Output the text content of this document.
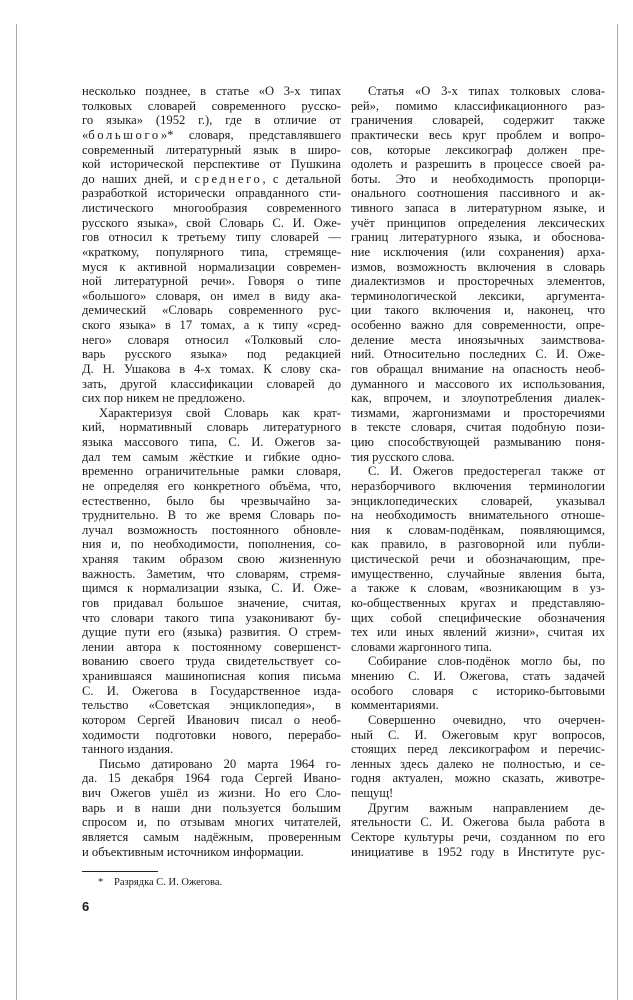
несколько позднее, в статье «О 3-х типах
толковых словарей современного русско-
го языка» (1952 г.), где в отличие от
«большого»* словаря, представлявшего
современный литературный язык в широ-
кой исторической перспективе от Пушкина
до наших дней, и среднего, с детальной
разработкой исторически оправданного сти-
листического многообразия современного
русского языка», свой Словарь С. И. Оже-
гов относил к третьему типу словарей —
«краткому, популярного типа, стремяще-
муся к активной нормализации современ-
ной литературной речи». Говоря о типе
«большого» словаря, он имел в виду ака-
демический «Словарь современного рус-
ского языка» в 17 томах, а к типу «сред-
него» словаря относил «Толковый сло-
варь русского языка» под редакцией
Д. Н. Ушакова в 4-х томах. К слову ска-
зать, другой классификации словарей до
сих пор никем не предложено.
Характеризуя свой Словарь как крат-
кий, нормативный словарь литературного
языка массового типа, С. И. Ожегов за-
дал тем самым жёсткие и гибкие одно-
временно ограничительные рамки словаря,
не определяя его конкретного объёма, что,
естественно, было бы чрезвычайно за-
труднительно. В то же время Словарь по-
лучал возможность постоянного обновле-
ния и, по необходимости, пополнения, со-
храняя таким образом свою жизненную
важность. Заметим, что словарям, стремя-
щимся к нормализации языка, С. И. Оже-
гов придавал большое значение, считая,
что словари такого типа узаконивают бу-
дущие пути его (языка) развития. О стрем-
лении автора к постоянному совершенст-
вованию своего труда свидетельствует со-
хранившаяся машинописная копия письма
С. И. Ожегова в Государственное изда-
тельство «Советская энциклопедия», в
котором Сергей Иванович писал о необ-
ходимости подготовки нового, перерабо-
танного издания.
Письмо датировано 20 марта 1964 го-
да. 15 декабря 1964 года Сергей Ивано-
вич Ожегов ушёл из жизни. Но его Сло-
варь и в наши дни пользуется большим
спросом и, по отзывам многих читателей,
является самым надёжным, проверенным
и объективным источником информации.
Статья «О 3-х типах толковых слова-
рей», помимо классификационного раз-
граничения словарей, содержит также
практически весь круг проблем и вопро-
сов, которые лексикограф должен пре-
одолеть и разрешить в процессе своей ра-
боты. Это и необходимость пропорци-
онального соотношения пассивного и ак-
тивного запаса в литературном языке, и
учёт принципов определения лексических
границ литературного языка, и обоснова-
ние исключения (или сохранения) арха-
измов, возможность включения в словарь
диалектизмов и просторечных элементов,
терминологической лексики, аргумента-
ции такого включения и, наконец, что
особенно важно для современности, опре-
деление места иноязычных заимствова-
ний. Относительно последних С. И. Оже-
гов обращал внимание на опасность необ-
думанного и массового их использования,
как, впрочем, и злоупотребления диалек-
тизмами, жаргонизмами и просторечиями
в тексте словаря, считая подобную пози-
цию способствующей размыванию поня-
тия русского слова.
С. И. Ожегов предостерегал также от
неразборчивого включения терминологии
энциклопедических словарей, указывал
на необходимость внимательного отноше-
ния к словам-подёнкам, появляющимся,
как правило, в разговорной или публи-
цистической речи и обозначающим, пре-
имущественно, случайные явления быта,
а также к словам, «возникающим в уз-
ко-общественных кругах и представляю-
щих собой специфические обозначения
тех или иных явлений жизни», считая их
словами жаргонного типа.
Собирание слов-подёнок могло бы, по
мнению С. И. Ожегова, стать задачей
особого словаря с историко-бытовыми
комментариями.
Совершенно очевидно, что очерчен-
ный С. И. Ожеговым круг вопросов,
стоящих перед лексикографом и перечис-
ленных здесь далеко не полностью, и се-
годня актуален, можно сказать, животре-
пещущ!
Другим важным направлением де-
ятельности С. И. Ожегова была работа в
Секторе культуры речи, созданном по его
инициативе в 1952 году в Институте рус-
* Разрядка С. И. Ожегова.
6
